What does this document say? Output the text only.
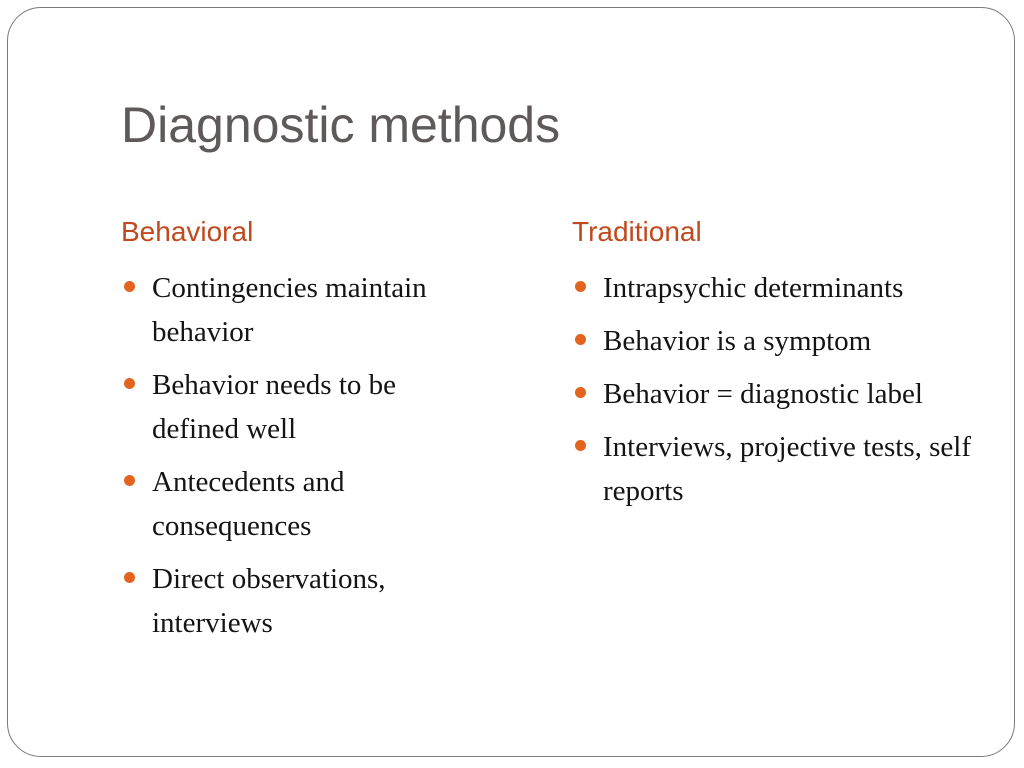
Diagnostic methods
Behavioral
Contingencies maintain behavior
Behavior needs to be defined well
Antecedents and consequences
Direct observations, interviews
Traditional
Intrapsychic determinants
Behavior is a symptom
Behavior = diagnostic label
Interviews, projective tests, self reports
